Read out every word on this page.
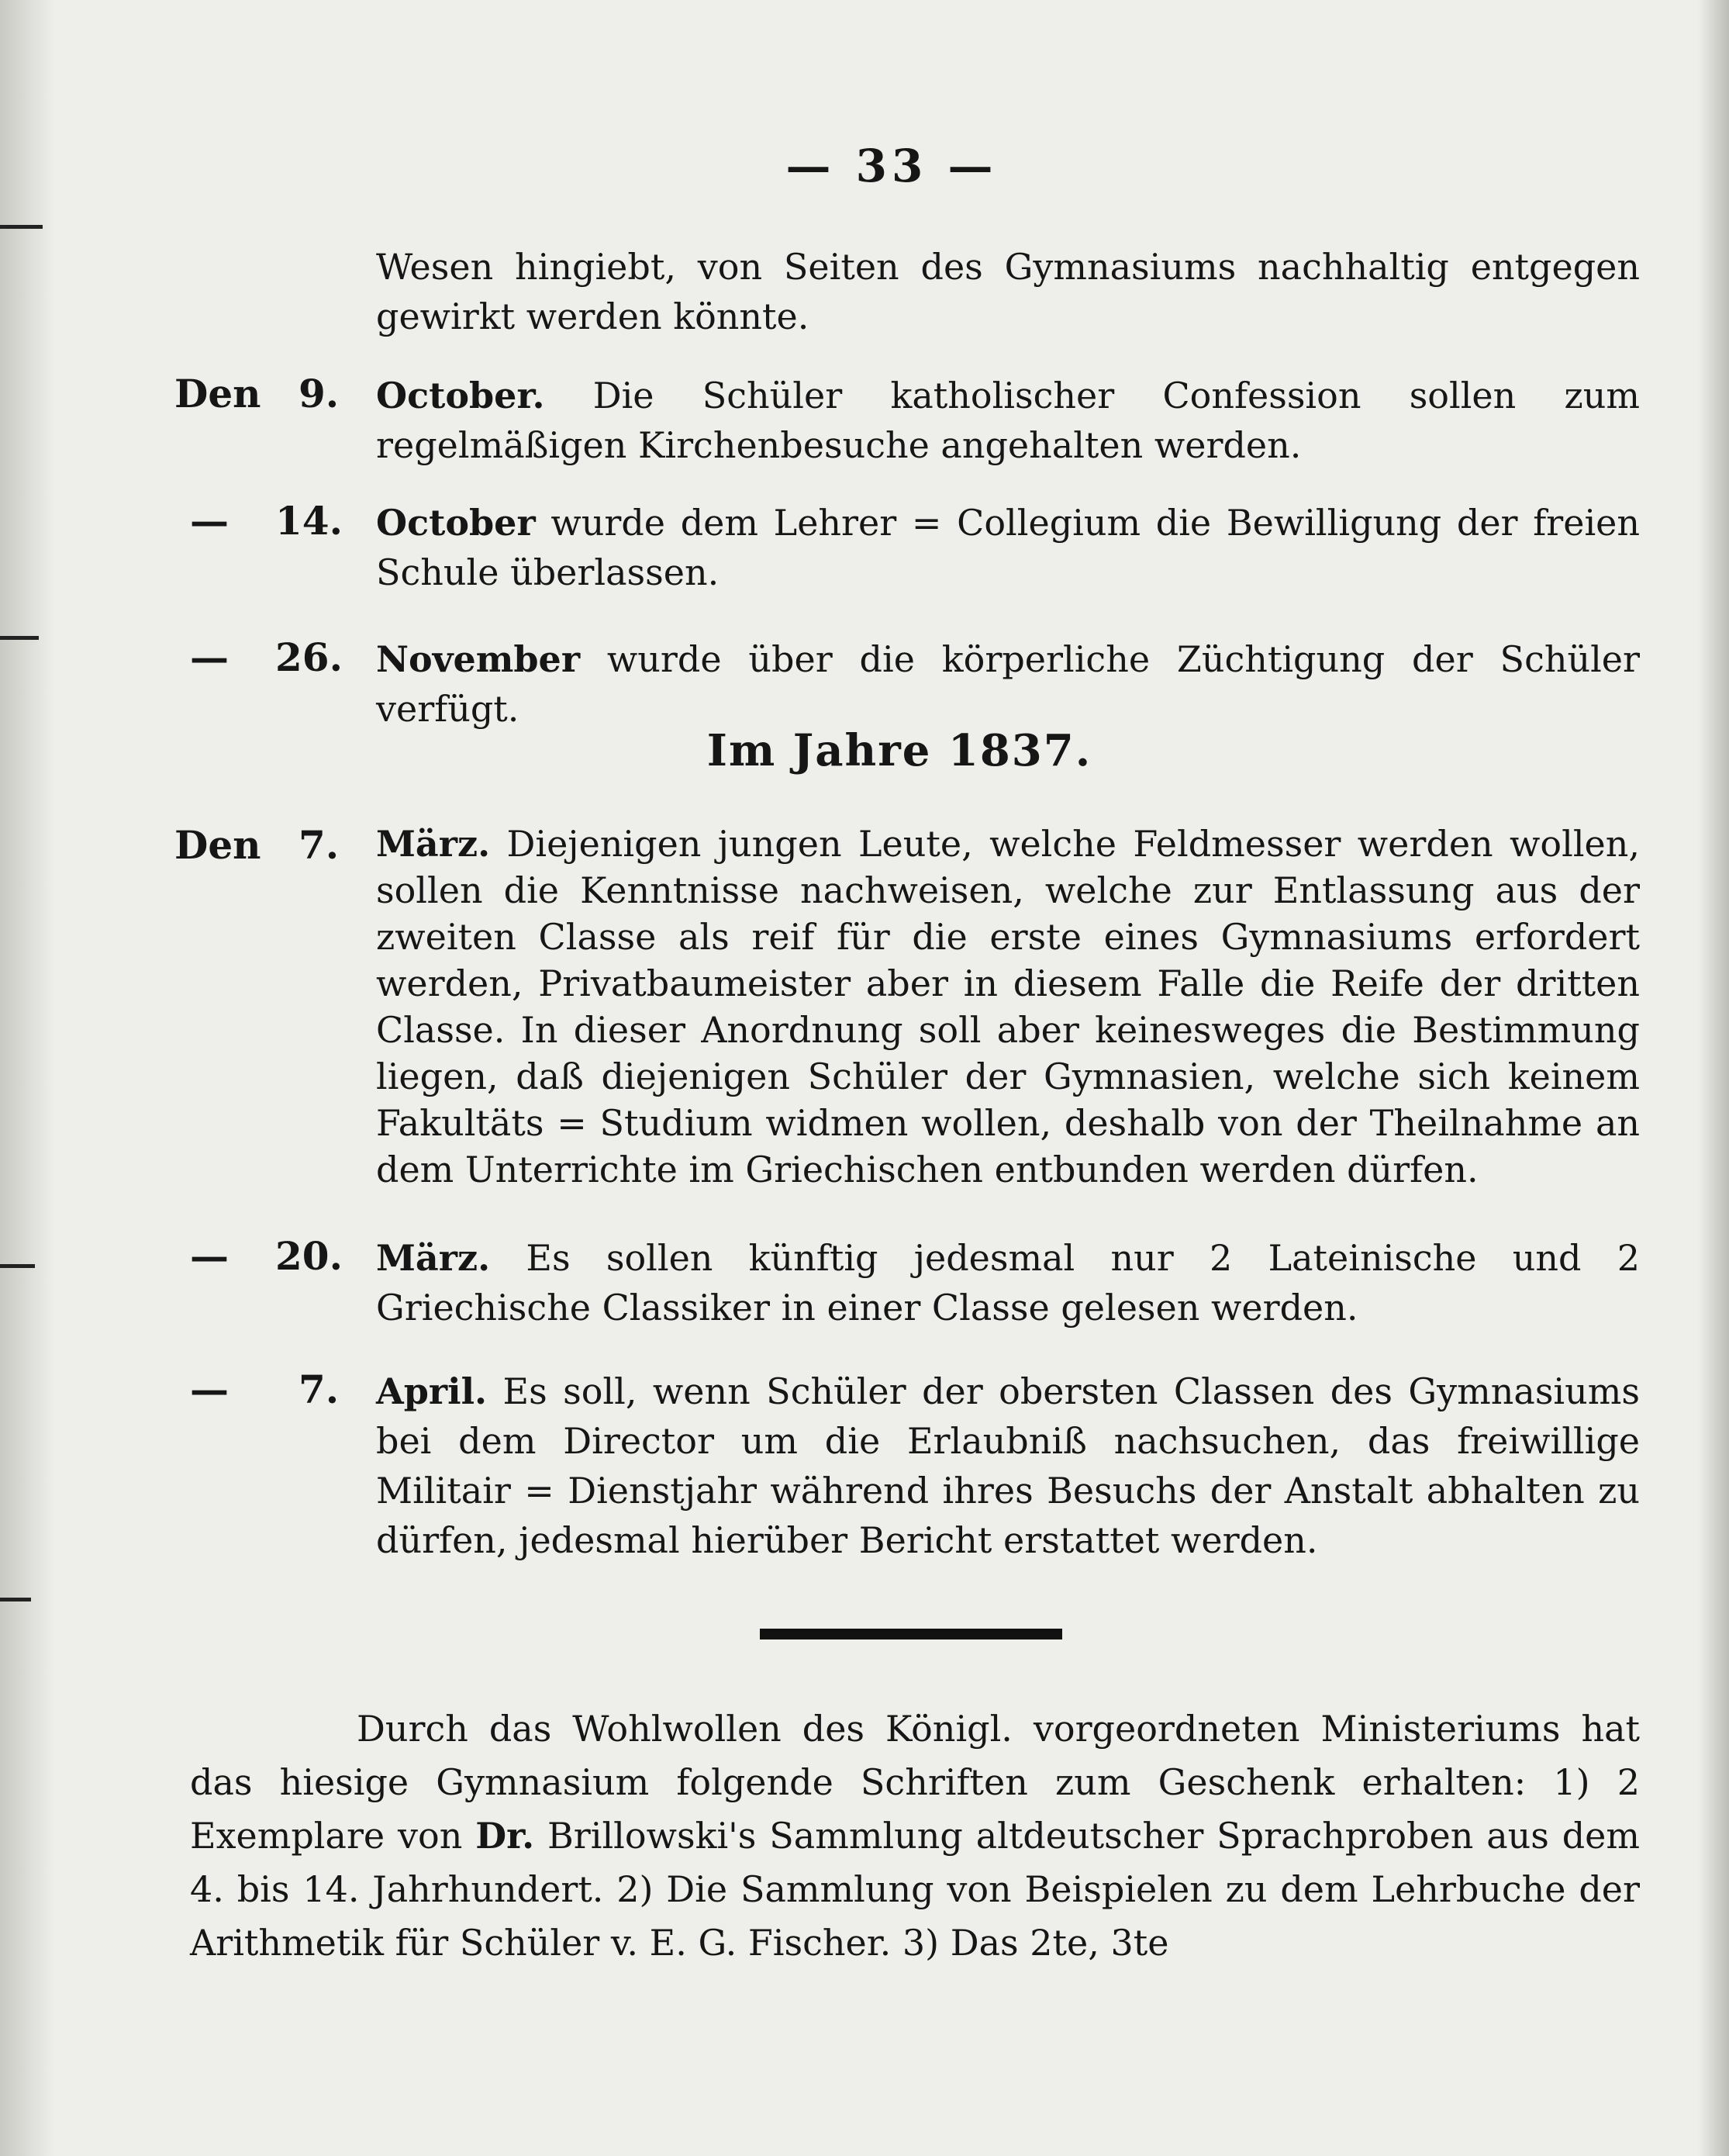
— 33 —
Wesen hingiebt, von Seiten des Gymnasiums nachhaltig entgegen gewirkt werden könnte.
Den 9. October. Die Schüler katholischer Confession sollen zum regelmäßigen Kirchenbesuche angehalten werden.
— 14. October wurde dem Lehrer = Collegium die Bewilligung der freien Schule überlassen.
— 26. November wurde über die körperliche Züchtigung der Schüler verfügt.
Im Jahre 1837.
Den 7. März. Diejenigen jungen Leute, welche Feldmesser werden wollen, sollen die Kenntnisse nachweisen, welche zur Entlassung aus der zweiten Classe als reif für die erste eines Gymnasiums erfordert werden, Privatbaumeister aber in diesem Falle die Reife der dritten Classe. In dieser Anordnung soll aber keinesweges die Bestimmung liegen, daß diejenigen Schüler der Gymnasien, welche sich keinem Fakultäts = Studium widmen wollen, deshalb von der Theilnahme an dem Unterrichte im Griechischen entbunden werden dürfen.
— 20. März. Es sollen künftig jedesmal nur 2 Lateinische und 2 Griechische Classiker in einer Classe gelesen werden.
— 7. April. Es soll, wenn Schüler der obersten Classen des Gymnasiums bei dem Director um die Erlaubniß nachsuchen, das freiwillige Militair = Dienstjahr während ihres Besuchs der Anstalt abhalten zu dürfen, jedesmal hierüber Bericht erstattet werden.
Durch das Wohlwollen des Königl. vorgeordneten Ministeriums hat das hiesige Gymnasium folgende Schriften zum Geschenk erhalten: 1) 2 Exemplare von Dr. Brillowski's Sammlung altdeutscher Sprachproben aus dem 4. bis 14. Jahrhundert. 2) Die Sammlung von Beispielen zu dem Lehrbuche der Arithmetik für Schüler v. E. G. Fischer. 3) Das 2te, 3te
